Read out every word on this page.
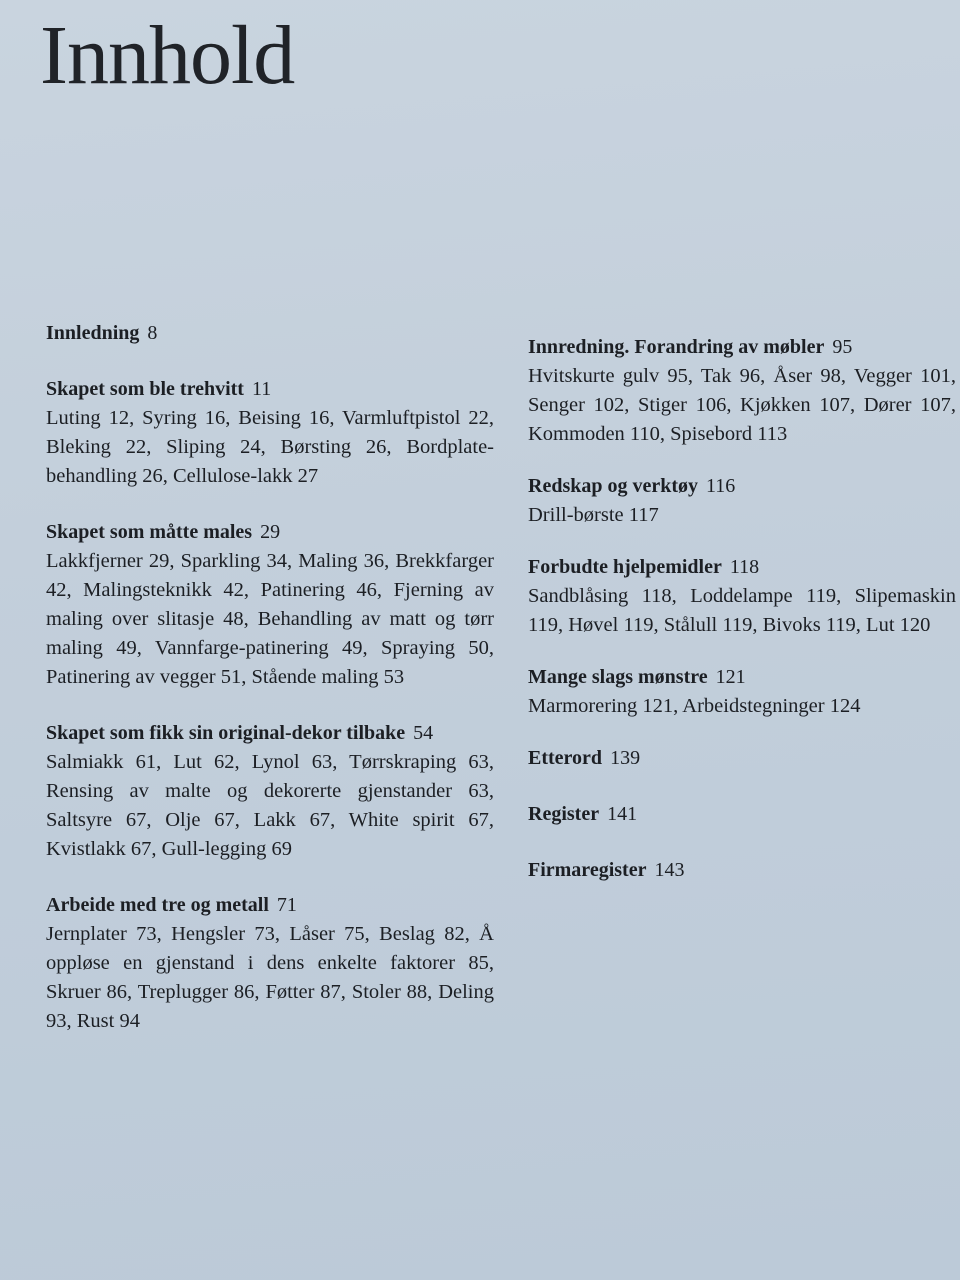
Innhold

Innledning 8

Skapet som ble trehvitt 11

Luting 12, Syring 16, Beising 16, Varmluftpistol 22, Bleking 22, Sliping 24, Børsting 26, Bordplate-behandling 26, Cellulose-lakk 27

Skapet som måtte males 29

Lakkfjerner 29, Sparkling 34, Maling 36, Brekkfarger 42, Malingsteknikk 42, Patinering 46, Fjerning av maling over slitasje 48, Behandling av matt og tørr maling 49, Vannfarge-patinering 49, Spraying 50, Patinering av vegger 51, Stående maling 53

Skapet som fikk sin original-dekor tilbake 54

Salmiakk 61, Lut 62, Lynol 63, Tørrskraping 63, Rensing av malte og dekorerte gjenstander 63, Saltsyre 67, Olje 67, Lakk 67, White spirit 67, Kvistlakk 67, Gull-legging 69

Arbeide med tre og metall 71

Jernplater 73, Hengsler 73, Låser 75, Beslag 82, Å oppløse en gjenstand i dens enkelte faktorer 85, Skruer 86, Treplugger 86, Føtter 87, Stoler 88, Deling 93, Rust 94

Innredning. Forandring av møbler 95

Hvitskurte gulv 95, Tak 96, Åser 98, Vegger 101, Senger 102, Stiger 106, Kjøkken 107, Dører 107, Kommoden 110, Spisebord 113

Redskap og verktøy 116

Drill-børste 117

Forbudte hjelpemidler 118

Sandblåsing 118, Loddelampe 119, Slipemaskin 119, Høvel 119, Stålull 119, Bivoks 119, Lut 120

Mange slags mønstre 121

Marmorering 121, Arbeidstegninger 124

Etterord 139

Register 141

Firmaregister 143
